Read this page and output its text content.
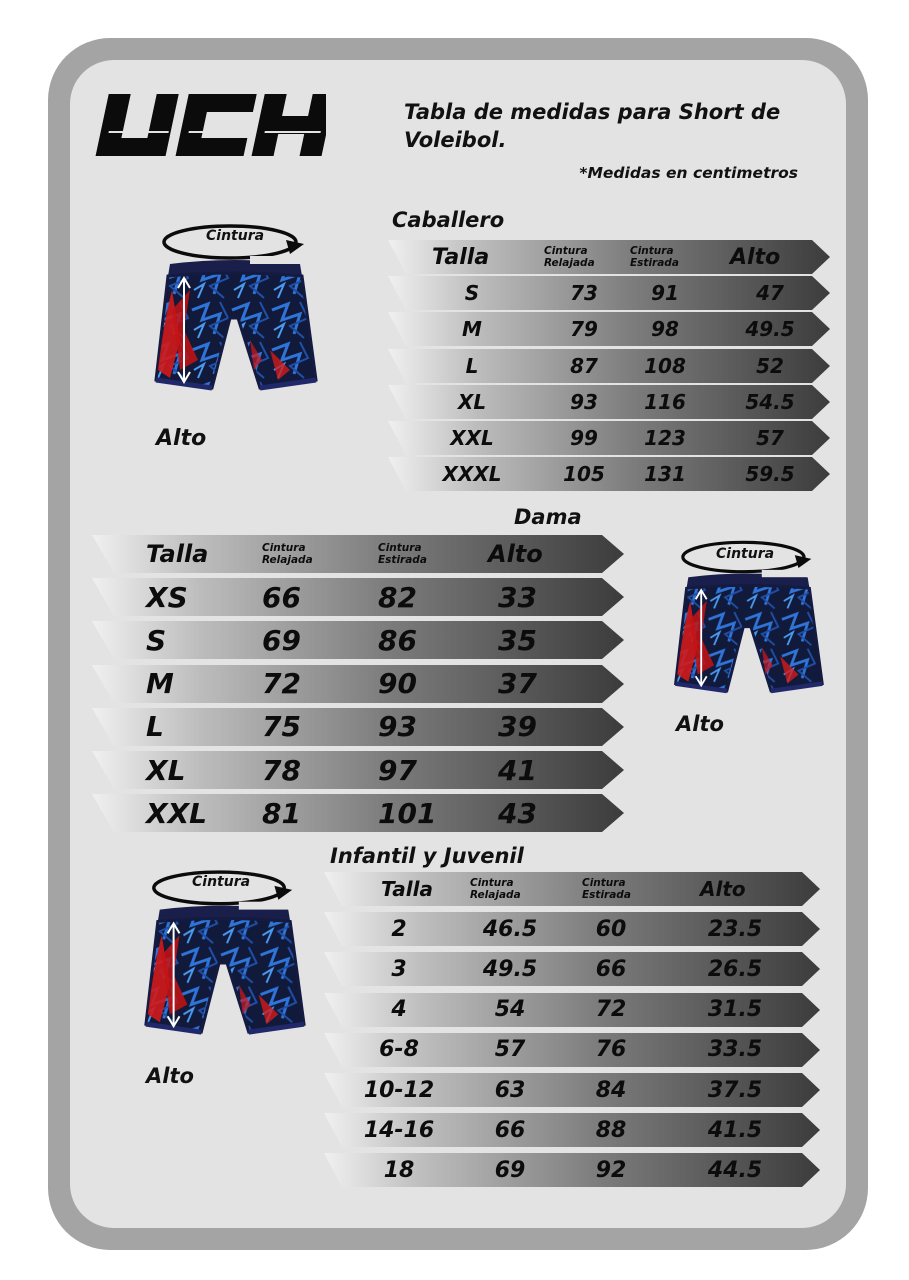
Tabla de medidas para Short de Voleibol.
*Medidas en centimetros
Caballero
Dama
Infantil y Juvenil
Talla	Cintura
Relajada
Cintura
Estirada Alto
S	73	91	47
M	79	98	49.5
L	87	108	52
XL	93	116	54.5
XXL	99	123	57
XXXL	105	131	59.5
Talla	Cintura
Relajada
Cintura
Estirada	Alto
XS	66	82	33
S	69	86	35
M	72	90	37
L	75	93	39
XL	78	97	41
XXL	81	101	43
Talla	Cintura
Relajada
Cintura
Estirada	Alto
2	46.5	60	23.5
3	49.5	66	26.5
4	54	72	31.5
6-8	57	76	33.5
10-12	63	84	37.5
14-16	66	88	41.5
18	69	92	44.5
Cintura
Alto
Cintura
Alto
Cintura
Alto
